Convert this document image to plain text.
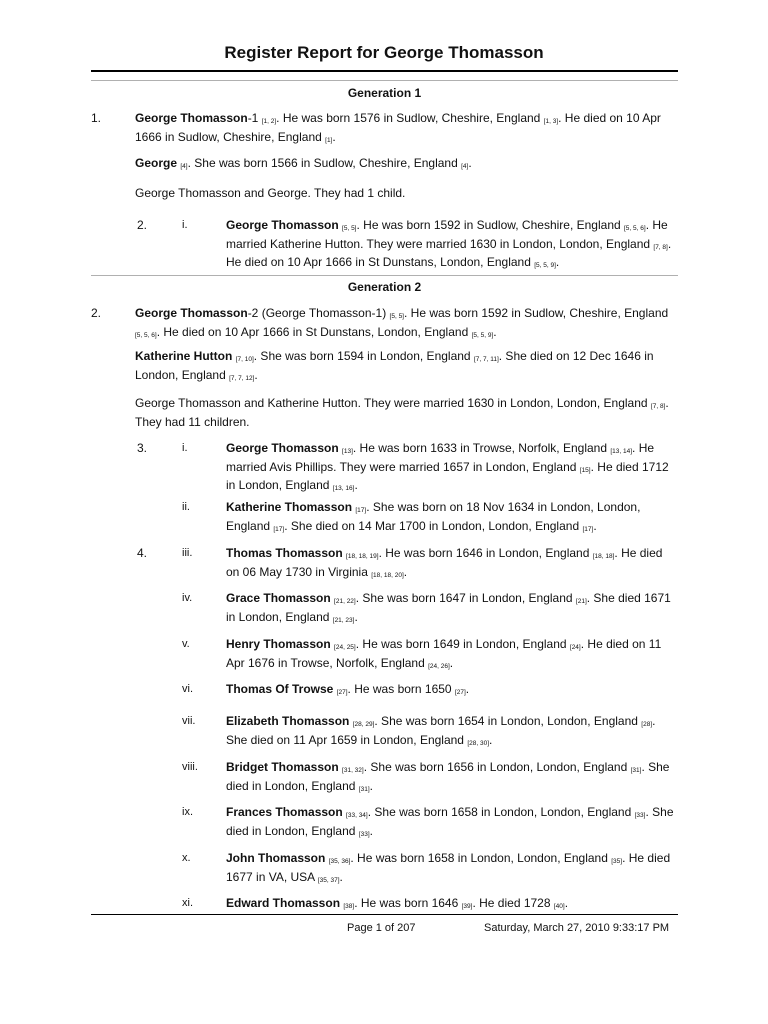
Register Report for George Thomasson
Generation 1
1.	George Thomasson-1 [1, 2]. He was born 1576 in Sudlow, Cheshire, England [1, 3]. He died on 10 Apr 1666 in Sudlow, Cheshire, England [1].
George [4]. She was born 1566 in Sudlow, Cheshire, England [4].
George Thomasson and George. They had 1 child.
2.	i.	George Thomasson [5, 5]. He was born 1592 in Sudlow, Cheshire, England [5, 5, 6]. He married Katherine Hutton. They were married 1630 in London, London, England [7, 8]. He died on 10 Apr 1666 in St Dunstans, London, England [5, 5, 9].
Generation 2
2.	George Thomasson-2 (George Thomasson-1) [5, 5]. He was born 1592 in Sudlow, Cheshire, England [5, 5, 6]. He died on 10 Apr 1666 in St Dunstans, London, England [5, 5, 9].
Katherine Hutton [7, 10]. She was born 1594 in London, England [7, 7, 11]. She died on 12 Dec 1646 in London, England [7, 7, 12].
George Thomasson and Katherine Hutton. They were married 1630 in London, London, England [7, 8]. They had 11 children.
3.	i.	George Thomasson [13]. He was born 1633 in Trowse, Norfolk, England [13, 14]. He married Avis Phillips. They were married 1657 in London, England [15]. He died 1712 in London, England [13, 16].
ii.	Katherine Thomasson [17]. She was born on 18 Nov 1634 in London, London, England [17]. She died on 14 Mar 1700 in London, London, England [17].
4.	iii.	Thomas Thomasson [18, 18, 19]. He was born 1646 in London, England [18, 18]. He died on 06 May 1730 in Virginia [18, 18, 20].
iv.	Grace Thomasson [21, 22]. She was born 1647 in London, England [21]. She died 1671 in London, England [21, 23].
v.	Henry Thomasson [24, 25]. He was born 1649 in London, England [24]. He died on 11 Apr 1676 in Trowse, Norfolk, England [24, 26].
vi.	Thomas Of Trowse [27]. He was born 1650 [27].
vii.	Elizabeth Thomasson [28, 29]. She was born 1654 in London, London, England [28]. She died on 11 Apr 1659 in London, England [28, 30].
viii. Bridget Thomasson [31, 32]. She was born 1656 in London, London, England [31]. She died in London, England [31].
ix.	Frances Thomasson [33, 34]. She was born 1658 in London, London, England [33]. She died in London, England [33].
x.	John Thomasson [35, 36]. He was born 1658 in London, London, England [35]. He died 1677 in VA, USA [35, 37].
xi.	Edward Thomasson [38]. He was born 1646 [39]. He died 1728 [40].
Page 1 of 207	Saturday, March 27, 2010 9:33:17 PM
